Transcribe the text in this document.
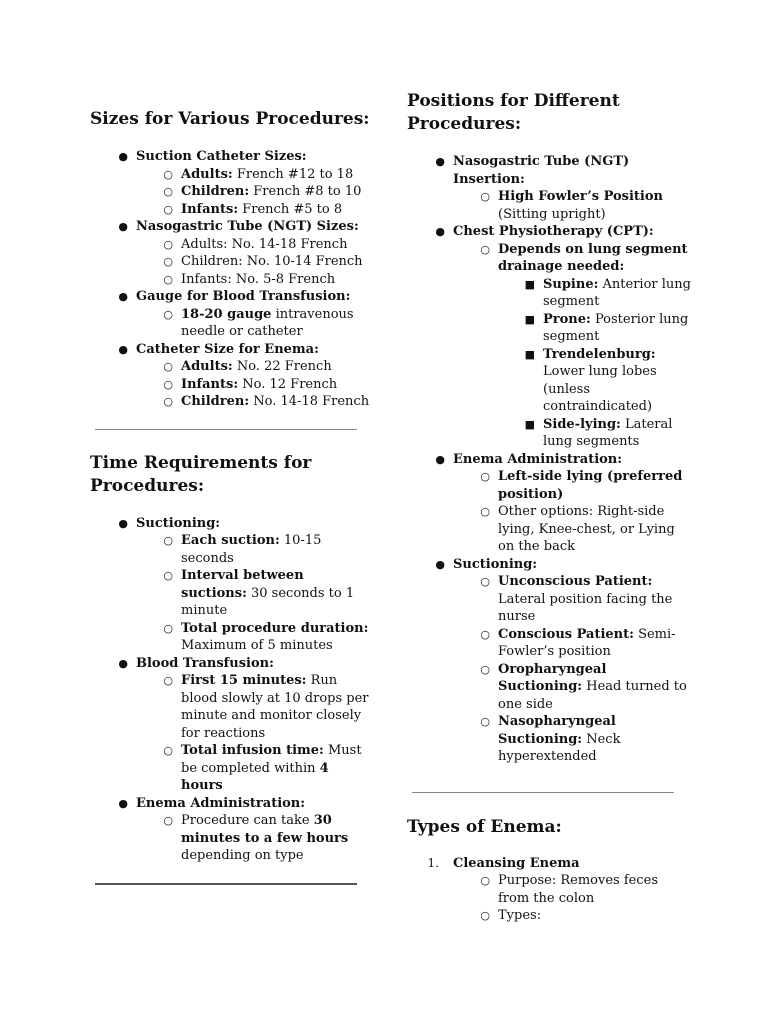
Sizes for Various Procedures:
● Suction Catheter Sizes:
○ Adults: French #12 to 18
○ Children: French #8 to 10
○ Infants: French #5 to 8
● Nasogastric Tube (NGT) Sizes:
○ Adults: No. 14-18 French
○ Children: No. 10-14 French
○ Infants: No. 5-8 French
● Gauge for Blood Transfusion:
○ 18-20 gauge intravenous needle or catheter
● Catheter Size for Enema:
○ Adults: No. 22 French
○ Infants: No. 12 French
○ Children: No. 14-18 French
Time Requirements for Procedures:
● Suctioning:
○ Each suction: 10-15 seconds
○ Interval between suctions: 30 seconds to 1 minute
○ Total procedure duration: Maximum of 5 minutes
● Blood Transfusion:
○ First 15 minutes: Run blood slowly at 10 drops per minute and monitor closely for reactions
○ Total infusion time: Must be completed within 4 hours
● Enema Administration:
○ Procedure can take 30 minutes to a few hours depending on type
Positions for Different Procedures:
● Nasogastric Tube (NGT) Insertion:
○ High Fowler’s Position (Sitting upright)
● Chest Physiotherapy (CPT):
○ Depends on lung segment drainage needed:
■ Supine: Anterior lung segment
■ Prone: Posterior lung segment
■ Trendelenburg: Lower lung lobes (unless contraindicated)
■ Side-lying: Lateral lung segments
● Enema Administration:
○ Left-side lying (preferred position)
○ Other options: Right-side lying, Knee-chest, or Lying on the back
● Suctioning:
○ Unconscious Patient: Lateral position facing the nurse
○ Conscious Patient: Semi-Fowler’s position
○ Oropharyngeal Suctioning: Head turned to one side
○ Nasopharyngeal Suctioning: Neck hyperextended
Types of Enema:
1. Cleansing Enema
○ Purpose: Removes feces from the colon
○ Types:
